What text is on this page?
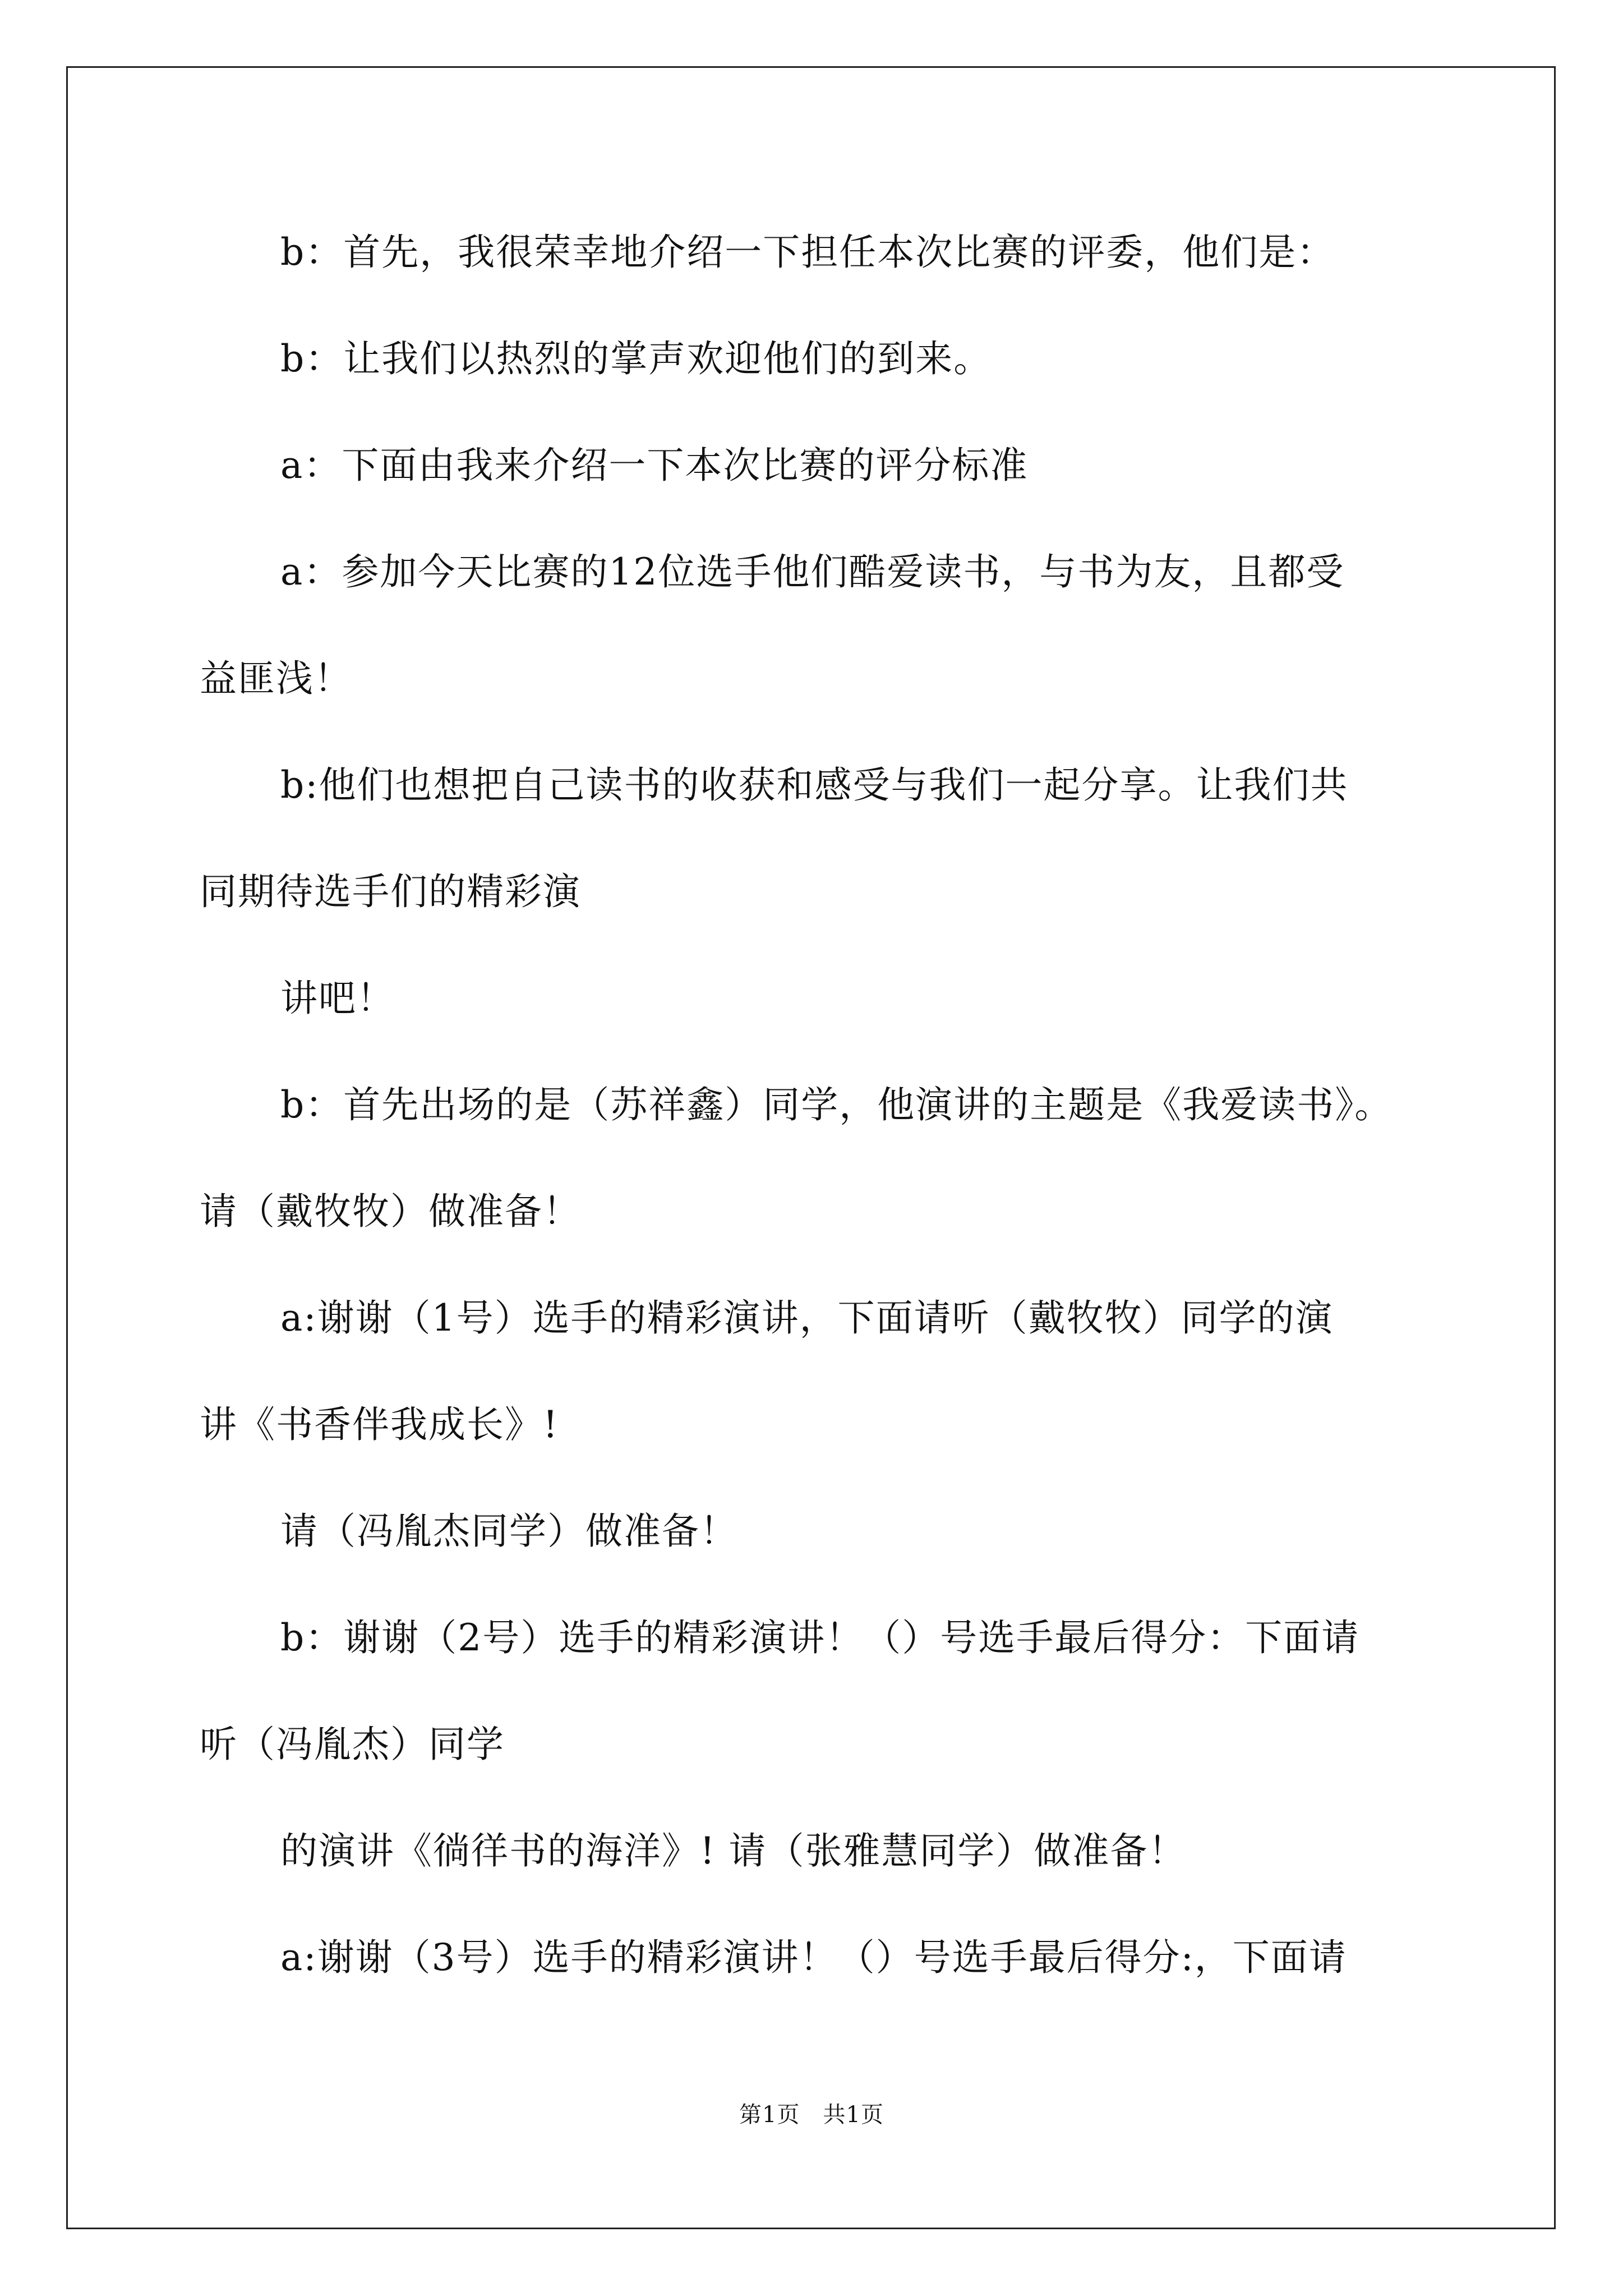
b：首先，我很荣幸地介绍一下担任本次比赛的评委，他们是：
b：让我们以热烈的掌声欢迎他们的到来。
a：下面由我来介绍一下本次比赛的评分标准
a：参加今天比赛的12位选手他们酷爱读书，与书为友，且都受
益匪浅！
b:他们也想把自己读书的收获和感受与我们一起分享。让我们共
同期待选手们的精彩演
讲吧！
b：首先出场的是（苏祥鑫）同学，他演讲的主题是《我爱读书》。
请（戴牧牧）做准备！
a:谢谢（1号）选手的精彩演讲，下面请听（戴牧牧）同学的演
讲《书香伴我成长》!
请（冯胤杰同学）做准备！
b：谢谢（2号）选手的精彩演讲！（）号选手最后得分：下面请
听（冯胤杰）同学
的演讲《徜徉书的海洋》! 请（张雅慧同学）做准备！
a:谢谢（3号）选手的精彩演讲！（）号选手最后得分:，下面请
第1页　共1页
